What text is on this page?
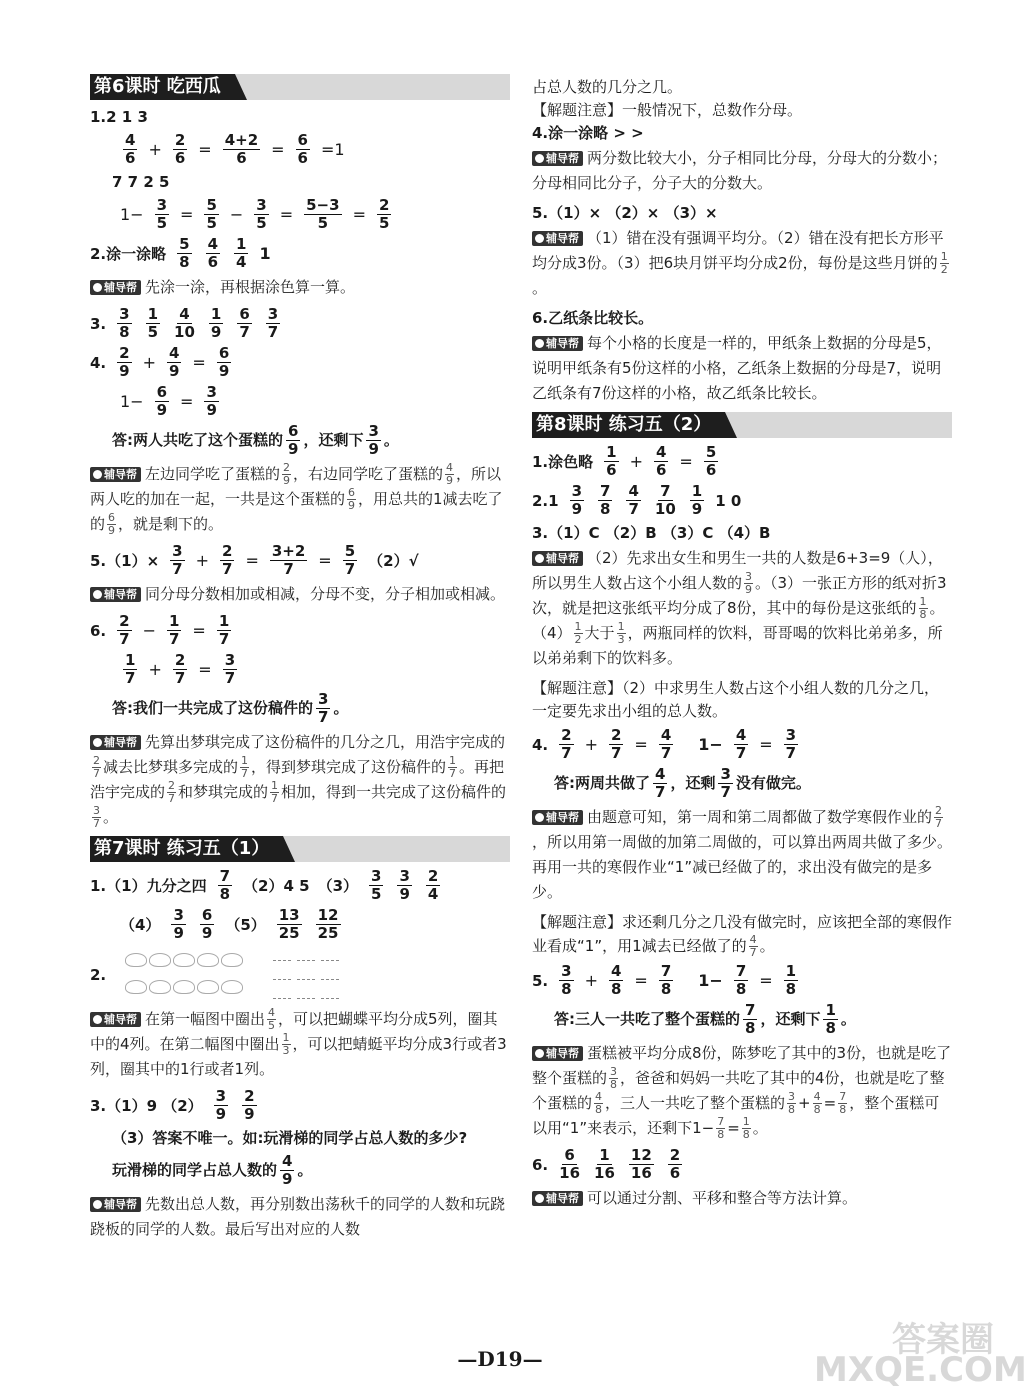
第6课时 吃西瓜
1.2 1 3
4
6 + 2
6 = 4+2
6 = 6
6 =1
7 7 2 5
1− 3
5 = 5
5 − 3
5 = 5−3
5 = 2
5
2.涂一涂略
5
8
4
6
1
4 1
辅导帮 先涂一涂，再根据涂色算一算。
3.
3
8
1
5
4
10
1
9
6
7
3
7
4.
2
9 + 4
9 = 6
9
1− 6
9 = 3
9
答:两人共吃了这个蛋糕的 $\frac{6}{9}$ ，还剩下 $\frac{3}{9}$ 。
辅导帮 左边同学吃了蛋糕的 $\frac{2}{9}$ ，右边同学吃了蛋糕的 $\frac{4}{9}$ ，所以两人吃的加在一起，一共是这个蛋糕的 $\frac{6}{9}$ ，用总共的1减去吃了的 $\frac{6}{9}$ ，就是剩下的。
$5.(1)\times \frac{3}{7} + 2$
7 = 3+2
7 = 5
7 （2）√
辅导帮 同分母分数相加或相减，分母不变，分子相加或相减。
6.
2
7 − 1
7 = 1
7
1
7 + 2
7 = 3
7
答:我们一共完成了这份稿件的 $\frac{3}{7}$ 。
辅导帮 先算出梦琪完成了这份稿件的几分之几，用浩宇完成的
$\frac{2}{7}$ 减去比梦琪多完成的 $\frac{1}{7}$ ，得到梦琪完成了这份稿件的 $\frac{1}{7}$ 。再把浩宇完成的 $\frac{2}{7}$ 和梦琪完成的 $\frac{1}{7}$ 相加，得到一共完成了这份稿件的
$\frac{3}{7}$ 。
第7课时 练习五（1）
1.（1）九分之四
7
8 （2）4 5 （3）
3
5
3
9
2
4
（4）
3
9
6
9 （5）
13
25
12
25
2.
辅导帮 在第一幅图中圈出 $\frac{4}{5}$ ，可以把蝴蝶平均分成5列，圈其中的4列。在第二幅图中圈出 $\frac{1}{3}$ ，可以把蜻蜓平均分成3行或者3列，圈其中的1行或者1列。
3.（1）9 （2）
3
9
2
9
（3）答案不唯一。如:玩滑梯的同学占总人数的多少?
玩滑梯的同学占总人数的 $\frac{4}{9}$ 。
辅导帮 先数出总人数，再分别数出荡秋千的同学的人数和玩跷跷板的同学的人数。最后写出对应的人数
占总人数的几分之几。
【解题注意】一般情况下，总数作分母。
4.涂一涂略 > >
辅导帮 两分数比较大小，分子相同比分母，分母大的分数小；分母相同比分子，分子大的分数大。
5.（1）× （2）× （3）×
辅导帮 （1）错在没有强调平均分。（2）错在没有把长方形平均分成3份。（3）把6块月饼平均分成2份，每份是这些月饼的 $\frac{1}{2}$
。
6.乙纸条比较长。
辅导帮 每个小格的长度是一样的，甲纸条上数据的分母是5，说明甲纸条有5份这样的小格，乙纸条上数据的分母是7，说明乙纸条有7份这样的小格，故乙纸条比较长。
第8课时 练习五（2）
1.涂色略
1
6 + 4
6 = 5
6
2.1
3
9
7
8
4
7
7
10
1
9 1 0
3.（1）C （2）B （3）C （4）B
辅导帮 （2）先求出女生和男生一共的人数是6+3=9（人），所以男生人数占这个小组人数的 $\frac{3}{9}$ 。（3）一张正方形的纸对折3次，就是把这张纸平均分成了8份，其中的每份是这张纸的 $\frac{1}{8}$ 。$(4) \frac{1}{2}$ 大于 $\frac{1}{3}$ ，两瓶同样的饮料，哥哥喝的饮料比弟弟多，所以弟弟剩下的饮料多。
【解题注意】（2）中求男生人数占这个小组人数的几分之几，一定要先求出小组的总人数。
4.
2
7 + 2
7 = 4
7 $1- \frac{4}{7} = 3$
7
答:两周共做了 $\frac{4}{7}$ ，还剩 $\frac{3}{7}$ 没有做完。
辅导帮 由题意可知，第一周和第二周都做了数学寒假作业的 $\frac{2}{7}$
，所以用第一周做的加第二周做的，可以算出两周共做了多少。再用一共的寒假作业“1”减已经做了的，求出没有做完的是多少。
【解题注意】求还剩几分之几没有做完时，应该把全部的寒假作业看成“1”，用1减去已经做了的 $\frac{4}{7}$ 。
5.
3
8 + 4
8 = 7
8 $1- \frac{7}{8} = 1$
8
答:三人一共吃了整个蛋糕的 $\frac{7}{8}$ ，还剩下 $\frac{1}{8}$ 。
辅导帮 蛋糕被平均分成8份，陈梦吃了其中的3份，也就是吃了整个蛋糕的 $\frac{3}{8}$ ，爸爸和妈妈一共吃了其中的4份，也就是吃了整个蛋糕的 $\frac{4}{8}$ ，三人一共吃了整个蛋糕的 $\frac{3}{8} + \frac{4}{8} = \frac{7}{8}$ ，整个蛋糕可以用“1”来表示，还剩下$1- \frac{7}{8} = \frac{1}{8}$ 。
6.
6
16
1
16
12
16
2
6
辅导帮 可以通过分割、平移和整合等方法计算。
—D19—	答案圈 MXQE.COM
